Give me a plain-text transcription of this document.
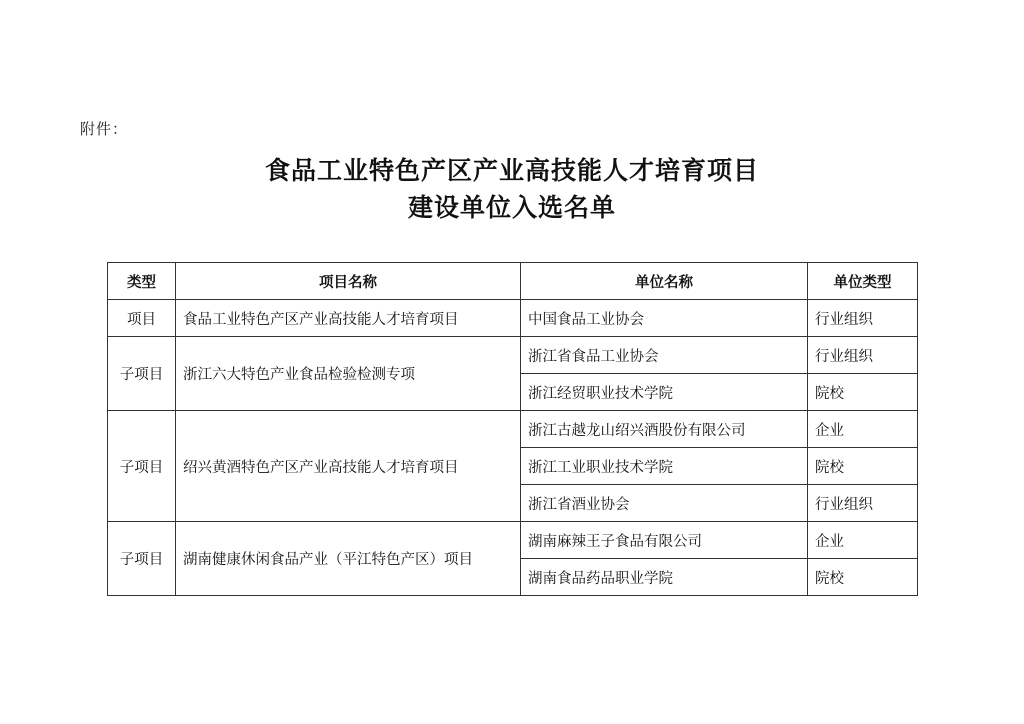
附件：
食品工业特色产区产业高技能人才培育项目
建设单位入选名单
类型	项目名称	单位名称	单位类型
项目	食品工业特色产区产业高技能人才培育项目	中国食品工业协会	行业组织
子项目	浙江六大特色产业食品检验检测专项	浙江省食品工业协会	行业组织
		浙江经贸职业技术学院	院校
子项目	绍兴黄酒特色产区产业高技能人才培育项目	浙江古越龙山绍兴酒股份有限公司	企业
		浙江工业职业技术学院	院校
		浙江省酒业协会	行业组织
子项目	湖南健康休闲食品产业（平江特色产区）项目	湖南麻辣王子食品有限公司	企业
		湖南食品药品职业学院	院校
